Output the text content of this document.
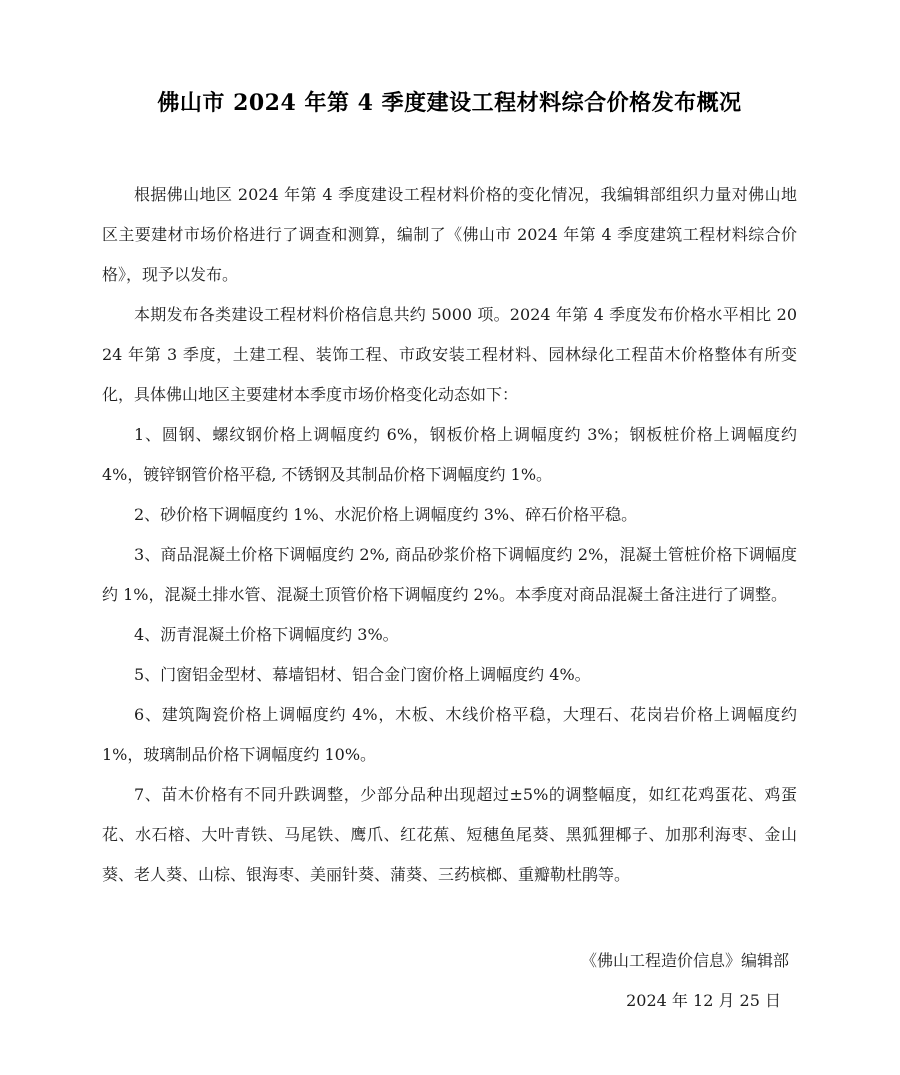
佛山市 2024 年第 4 季度建设工程材料综合价格发布概况

根据佛山地区 2024 年第 4 季度建设工程材料价格的变化情况，我编辑部组织力量对佛山地区主要建材市场价格进行了调查和测算，编制了《佛山市 2024 年第 4 季度建筑工程材料综合价格》，现予以发布。

本期发布各类建设工程材料价格信息共约 5000 项。2024 年第 4 季度发布价格水平相比 2024 年第 3 季度，土建工程、装饰工程、市政安装工程材料、园林绿化工程苗木价格整体有所变化，具体佛山地区主要建材本季度市场价格变化动态如下：

1、圆钢、螺纹钢价格上调幅度约 6%，钢板价格上调幅度约 3%；钢板桩价格上调幅度约 4%，镀锌钢管价格平稳, 不锈钢及其制品价格下调幅度约 1%。

2、砂价格下调幅度约 1%、水泥价格上调幅度约 3%、碎石价格平稳。

3、商品混凝土价格下调幅度约 2%, 商品砂浆价格下调幅度约 2%，混凝土管桩价格下调幅度约 1%，混凝土排水管、混凝土顶管价格下调幅度约 2%。本季度对商品混凝土备注进行了调整。

4、沥青混凝土价格下调幅度约 3%。

5、门窗铝金型材、幕墙铝材、铝合金门窗价格上调幅度约 4%。

6、建筑陶瓷价格上调幅度约 4%，木板、木线价格平稳，大理石、花岗岩价格上调幅度约 1%，玻璃制品价格下调幅度约 10%。

7、苗木价格有不同升跌调整，少部分品种出现超过±5%的调整幅度，如红花鸡蛋花、鸡蛋花、水石榕、大叶青铁、马尾铁、鹰爪、红花蕉、短穗鱼尾葵、黑狐狸椰子、加那利海枣、金山葵、老人葵、山棕、银海枣、美丽针葵、蒲葵、三药槟榔、重瓣勒杜鹃等。

《佛山工程造价信息》编辑部
2024 年 12 月 25 日
